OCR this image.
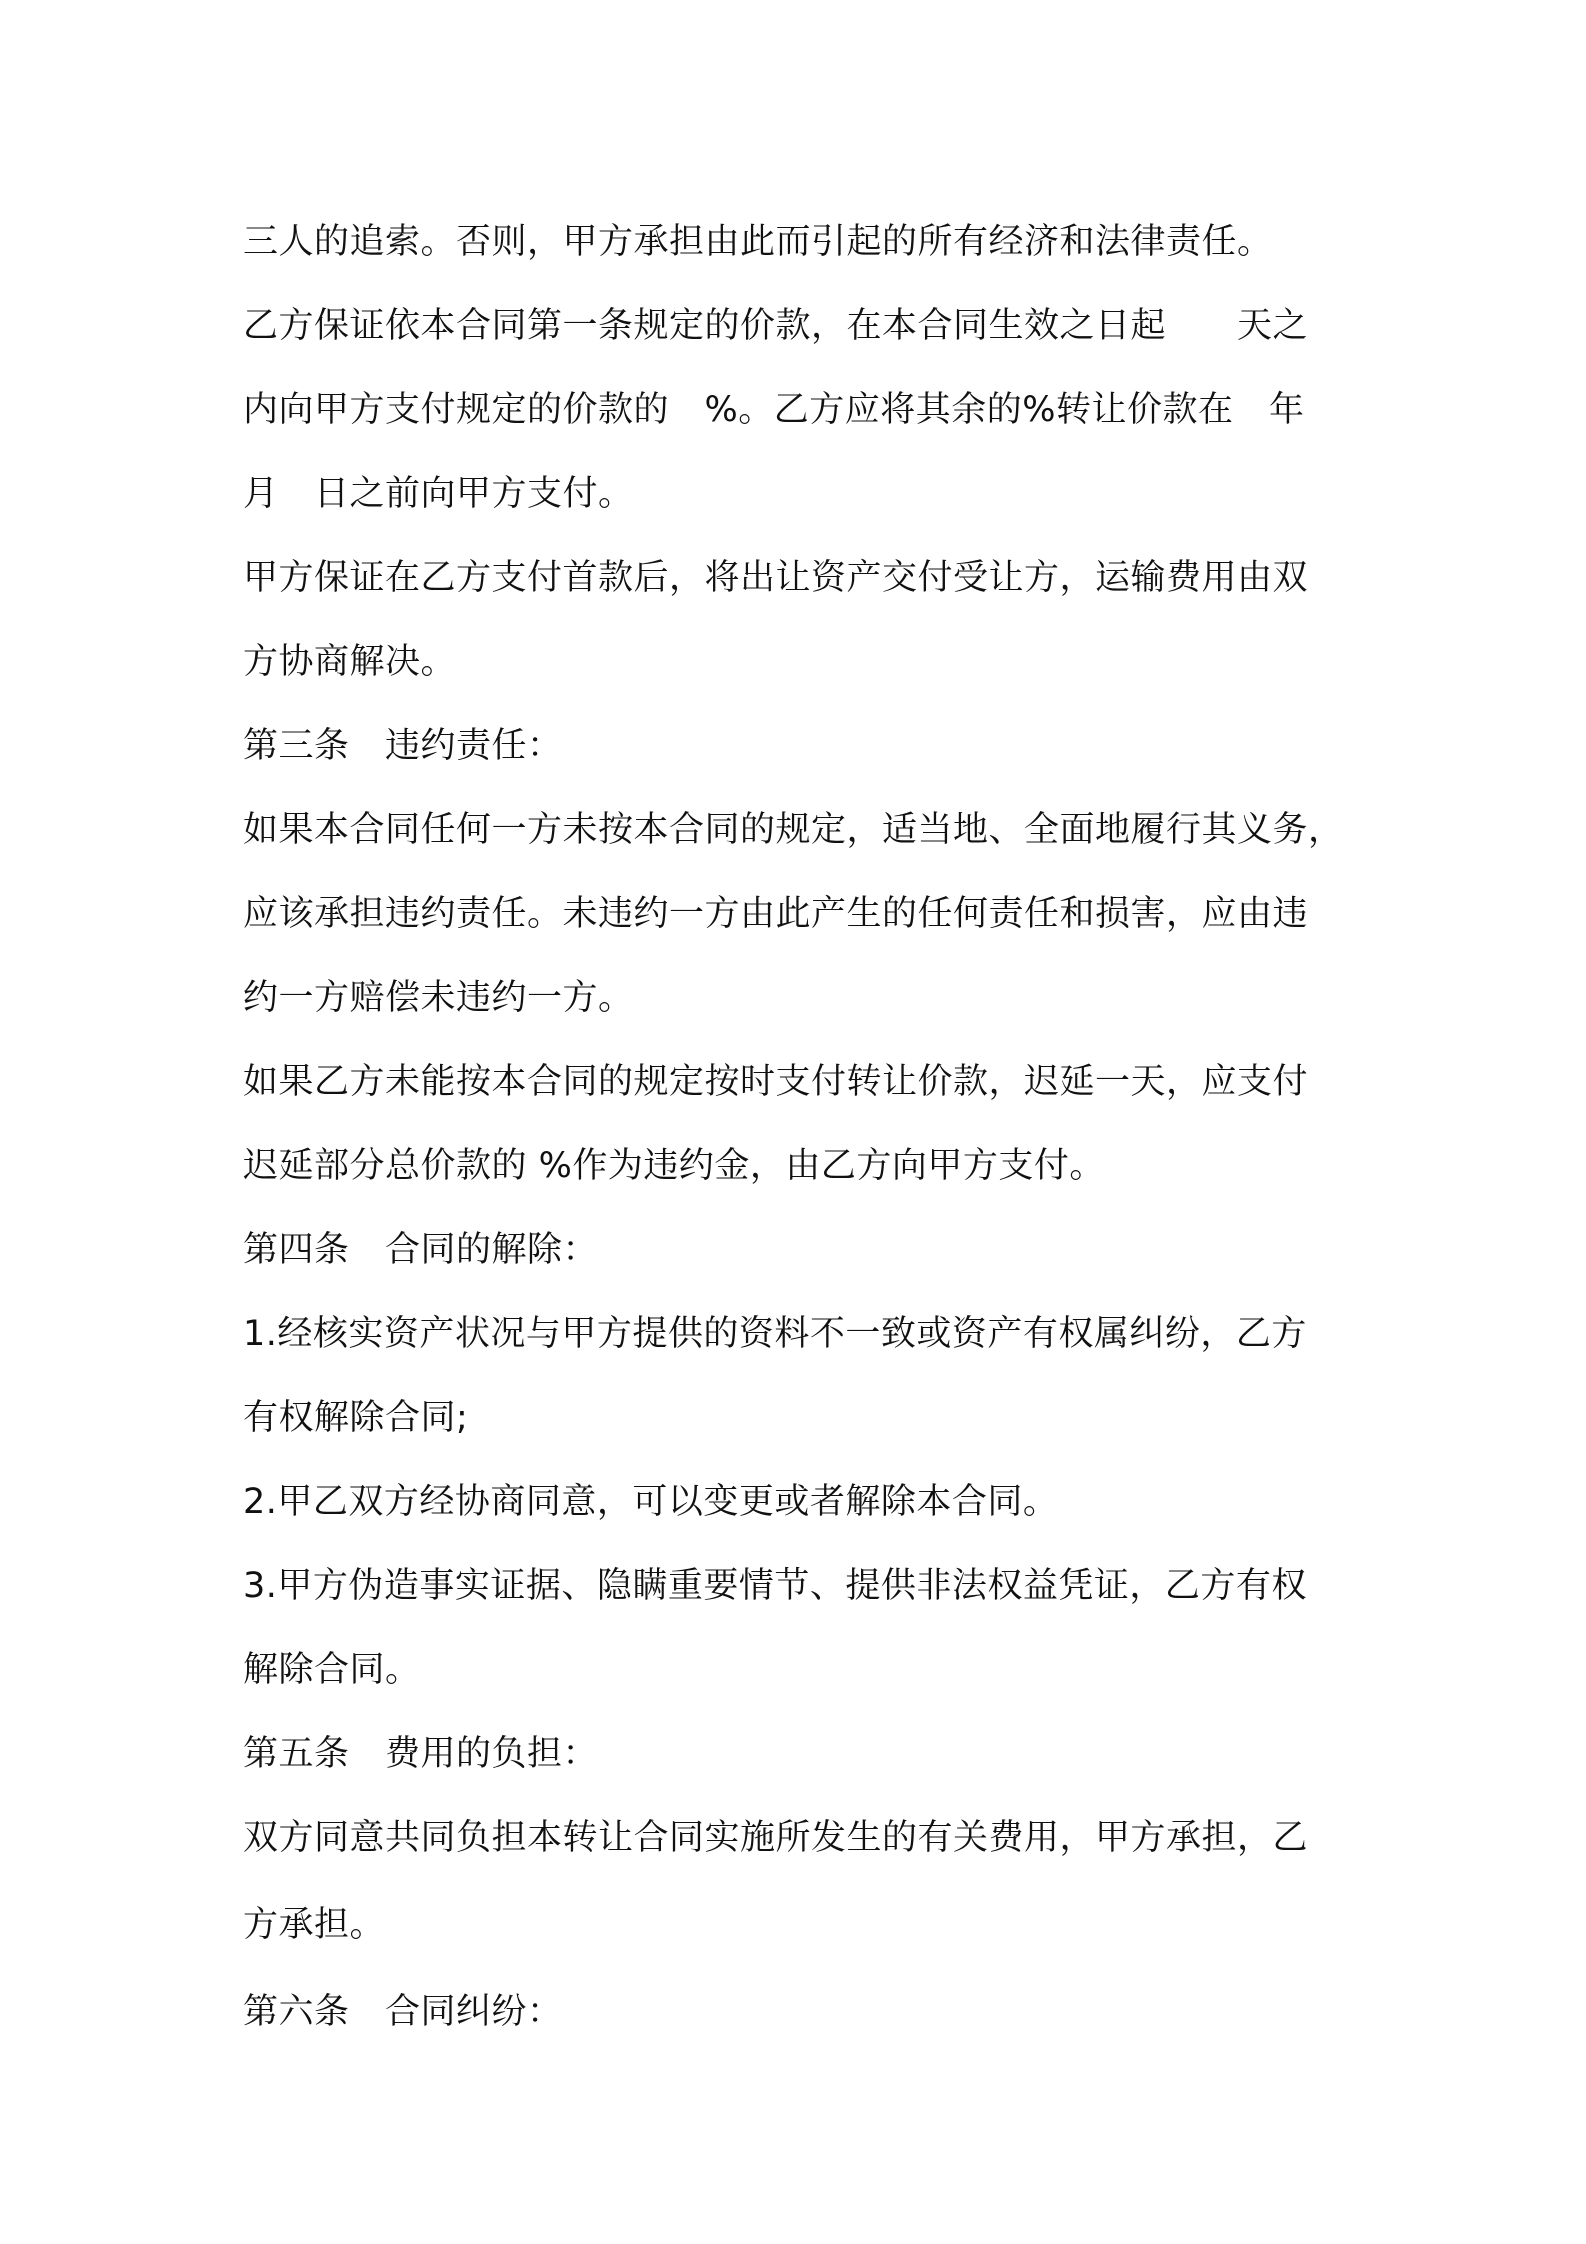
三人的追索。否则，甲方承担由此而引起的所有经济和法律责任。
乙方保证依本合同第一条规定的价款，在本合同生效之日起　　天之
内向甲方支付规定的价款的　%。乙方应将其余的%转让价款在　年
月　日之前向甲方支付。
甲方保证在乙方支付首款后，将出让资产交付受让方，运输费用由双
方协商解决。
第三条　违约责任：
如果本合同任何一方未按本合同的规定，适当地、全面地履行其义务，
应该承担违约责任。未违约一方由此产生的任何责任和损害，应由违
约一方赔偿未违约一方。
如果乙方未能按本合同的规定按时支付转让价款，迟延一天，应支付
迟延部分总价款的 %作为违约金，由乙方向甲方支付。
第四条　合同的解除：
1.经核实资产状况与甲方提供的资料不一致或资产有权属纠纷，乙方
有权解除合同;
2.甲乙双方经协商同意，可以变更或者解除本合同。
3.甲方伪造事实证据、隐瞒重要情节、提供非法权益凭证，乙方有权
解除合同。
第五条　费用的负担：
双方同意共同负担本转让合同实施所发生的有关费用，甲方承担，乙
方承担。
第六条　合同纠纷：
